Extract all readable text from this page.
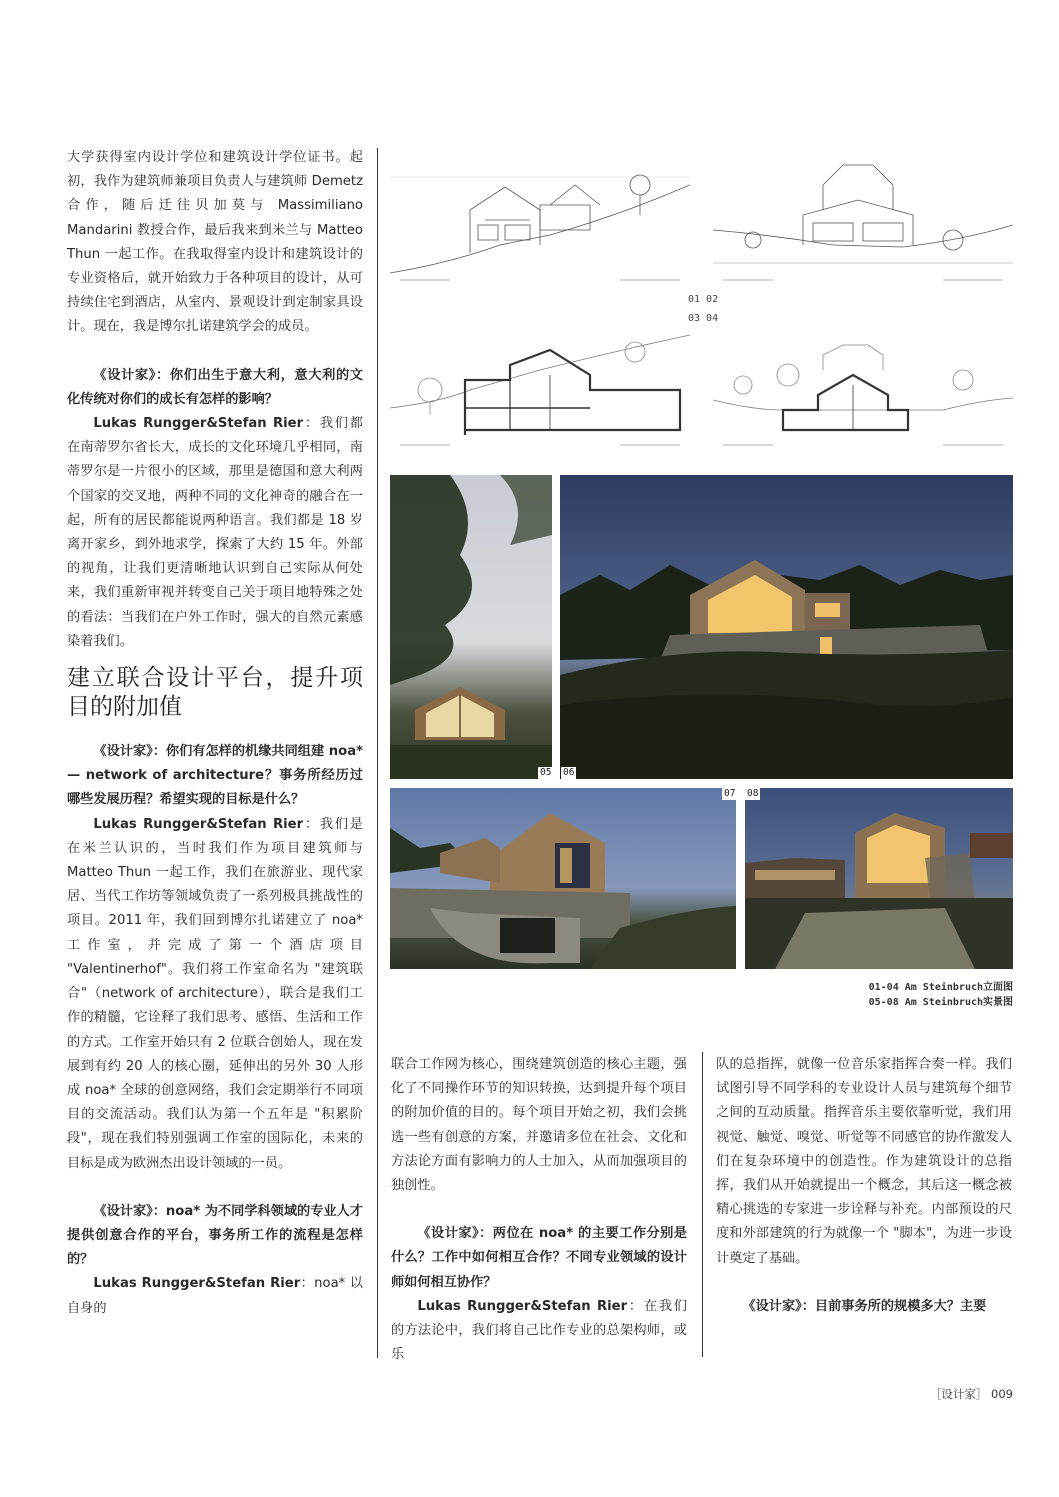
大学获得室内设计学位和建筑设计学位证书。起初，我作为建筑师兼项目负责人与建筑师 Demetz 合作，随后迁往贝加莫与 Massimiliano Mandarini 教授合作，最后我来到米兰与 Matteo Thun 一起工作。在我取得室内设计和建筑设计的专业资格后，就开始致力于各种项目的设计，从可持续住宅到酒店，从室内、景观设计到定制家具设计。现在，我是博尔扎诺建筑学会的成员。

《设计家》：你们出生于意大利，意大利的文化传统对你们的成长有怎样的影响？

Lukas Rungger&Stefan Rier：我们都在南蒂罗尔省长大，成长的文化环境几乎相同，南蒂罗尔是一片很小的区域，那里是德国和意大利两个国家的交叉地，两种不同的文化神奇的融合在一起，所有的居民都能说两种语言。我们都是 18 岁离开家乡，到外地求学，探索了大约 15 年。外部的视角，让我们更清晰地认识到自己实际从何处来，我们重新审视并转变自己关于项目地特殊之处的看法：当我们在户外工作时，强大的自然元素感染着我们。

建立联合设计平台，提升项目的附加值

《设计家》：你们有怎样的机缘共同组建 noa* — network of architecture？事务所经历过哪些发展历程？希望实现的目标是什么？

Lukas Rungger&Stefan Rier：我们是在米兰认识的，当时我们作为项目建筑师与 Matteo Thun 一起工作，我们在旅游业、现代家居、当代工作坊等领域负责了一系列极具挑战性的项目。2011 年，我们回到博尔扎诺建立了 noa* 工作室，并完成了第一个酒店项目 "Valentinerhof"。我们将工作室命名为 "建筑联合"（network of architecture），联合是我们工作的精髓，它诠释了我们思考、感悟、生活和工作的方式。工作室开始只有 2 位联合创始人，现在发展到有约 20 人的核心圈，延伸出的另外 30 人形成 noa* 全球的创意网络，我们会定期举行不同项目的交流活动。我们认为第一个五年是 "积累阶段"，现在我们特别强调工作室的国际化，未来的目标是成为欧洲杰出设计领域的一员。

《设计家》：noa* 为不同学科领域的专业人才提供创意合作的平台，事务所工作的流程是怎样的？

Lukas Rungger&Stefan Rier：noa* 以自身的

01 02
03 04
05 06
07 08
01-04 Am Steinbruch立面图
05-08 Am Steinbruch实景图

联合工作网为核心，围绕建筑创造的核心主题，强化了不同操作环节的知识转换，达到提升每个项目的附加价值的目的。每个项目开始之初，我们会挑选一些有创意的方案，并邀请多位在社会、文化和方法论方面有影响力的人士加入，从而加强项目的独创性。

《设计家》：两位在 noa* 的主要工作分别是什么？工作中如何相互合作？不同专业领域的设计师如何相互协作？

Lukas Rungger&Stefan Rier：在我们的方法论中，我们将自己比作专业的总架构师，或乐

队的总指挥，就像一位音乐家指挥合奏一样。我们试图引导不同学科的专业设计人员与建筑每个细节之间的互动质量。指挥音乐主要依靠听觉，我们用视觉、触觉、嗅觉、听觉等不同感官的协作激发人们在复杂环境中的创造性。作为建筑设计的总指挥，我们从开始就提出一个概念，其后这一概念被精心挑选的专家进一步诠释与补充。内部预设的尺度和外部建筑的行为就像一个 "脚本"，为进一步设计奠定了基础。

《设计家》：目前事务所的规模多大？主要

［设计家］ 009
